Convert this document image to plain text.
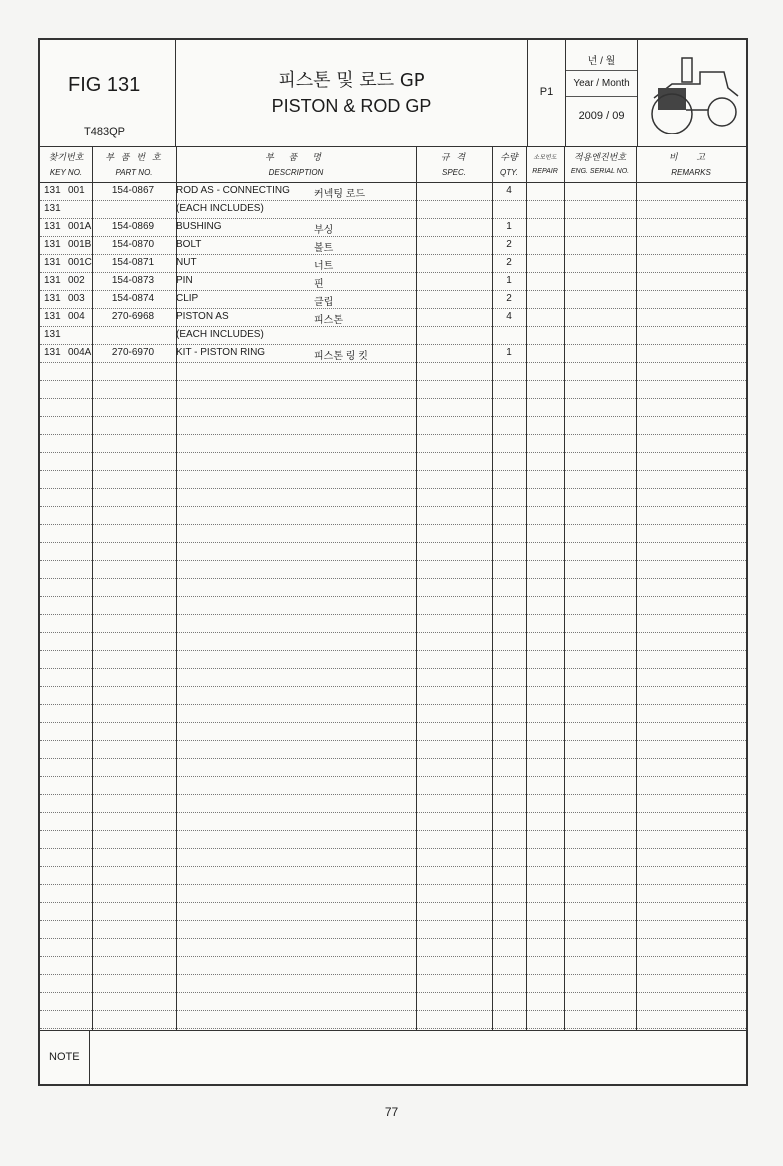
FIG 131
T483QP
피스톤 및 로드 GP
PISTON & ROD GP
P1
년 / 월
Year / Month
2009 / 09
찾기번호
KEY NO.
부 품 번 호
PART NO.
부 품 명
DESCRIPTION
규 격
SPEC.
수량
QTY.
소모빈도
REPAIR
적용엔진번호
ENG. SERIAL NO.
비 고
REMARKS
131 001	154-0867	ROD AS - CONNECTING 커넥팅 로드	4
131	(EACH INCLUDES)
131 001A	154-0869	BUSHING	부싱	1
131 001B	154-0870	BOLT	볼트	2
131 001C	154-0871	NUT	너트	2
131 002	154-0873	PIN	핀	1
131 003	154-0874	CLIP	클립	2
131 004	270-6968	PISTON AS	피스톤	4
131	(EACH INCLUDES)
131 004A	270-6970	KIT - PISTON RING	피스톤 링 킷	1
NOTE
77
